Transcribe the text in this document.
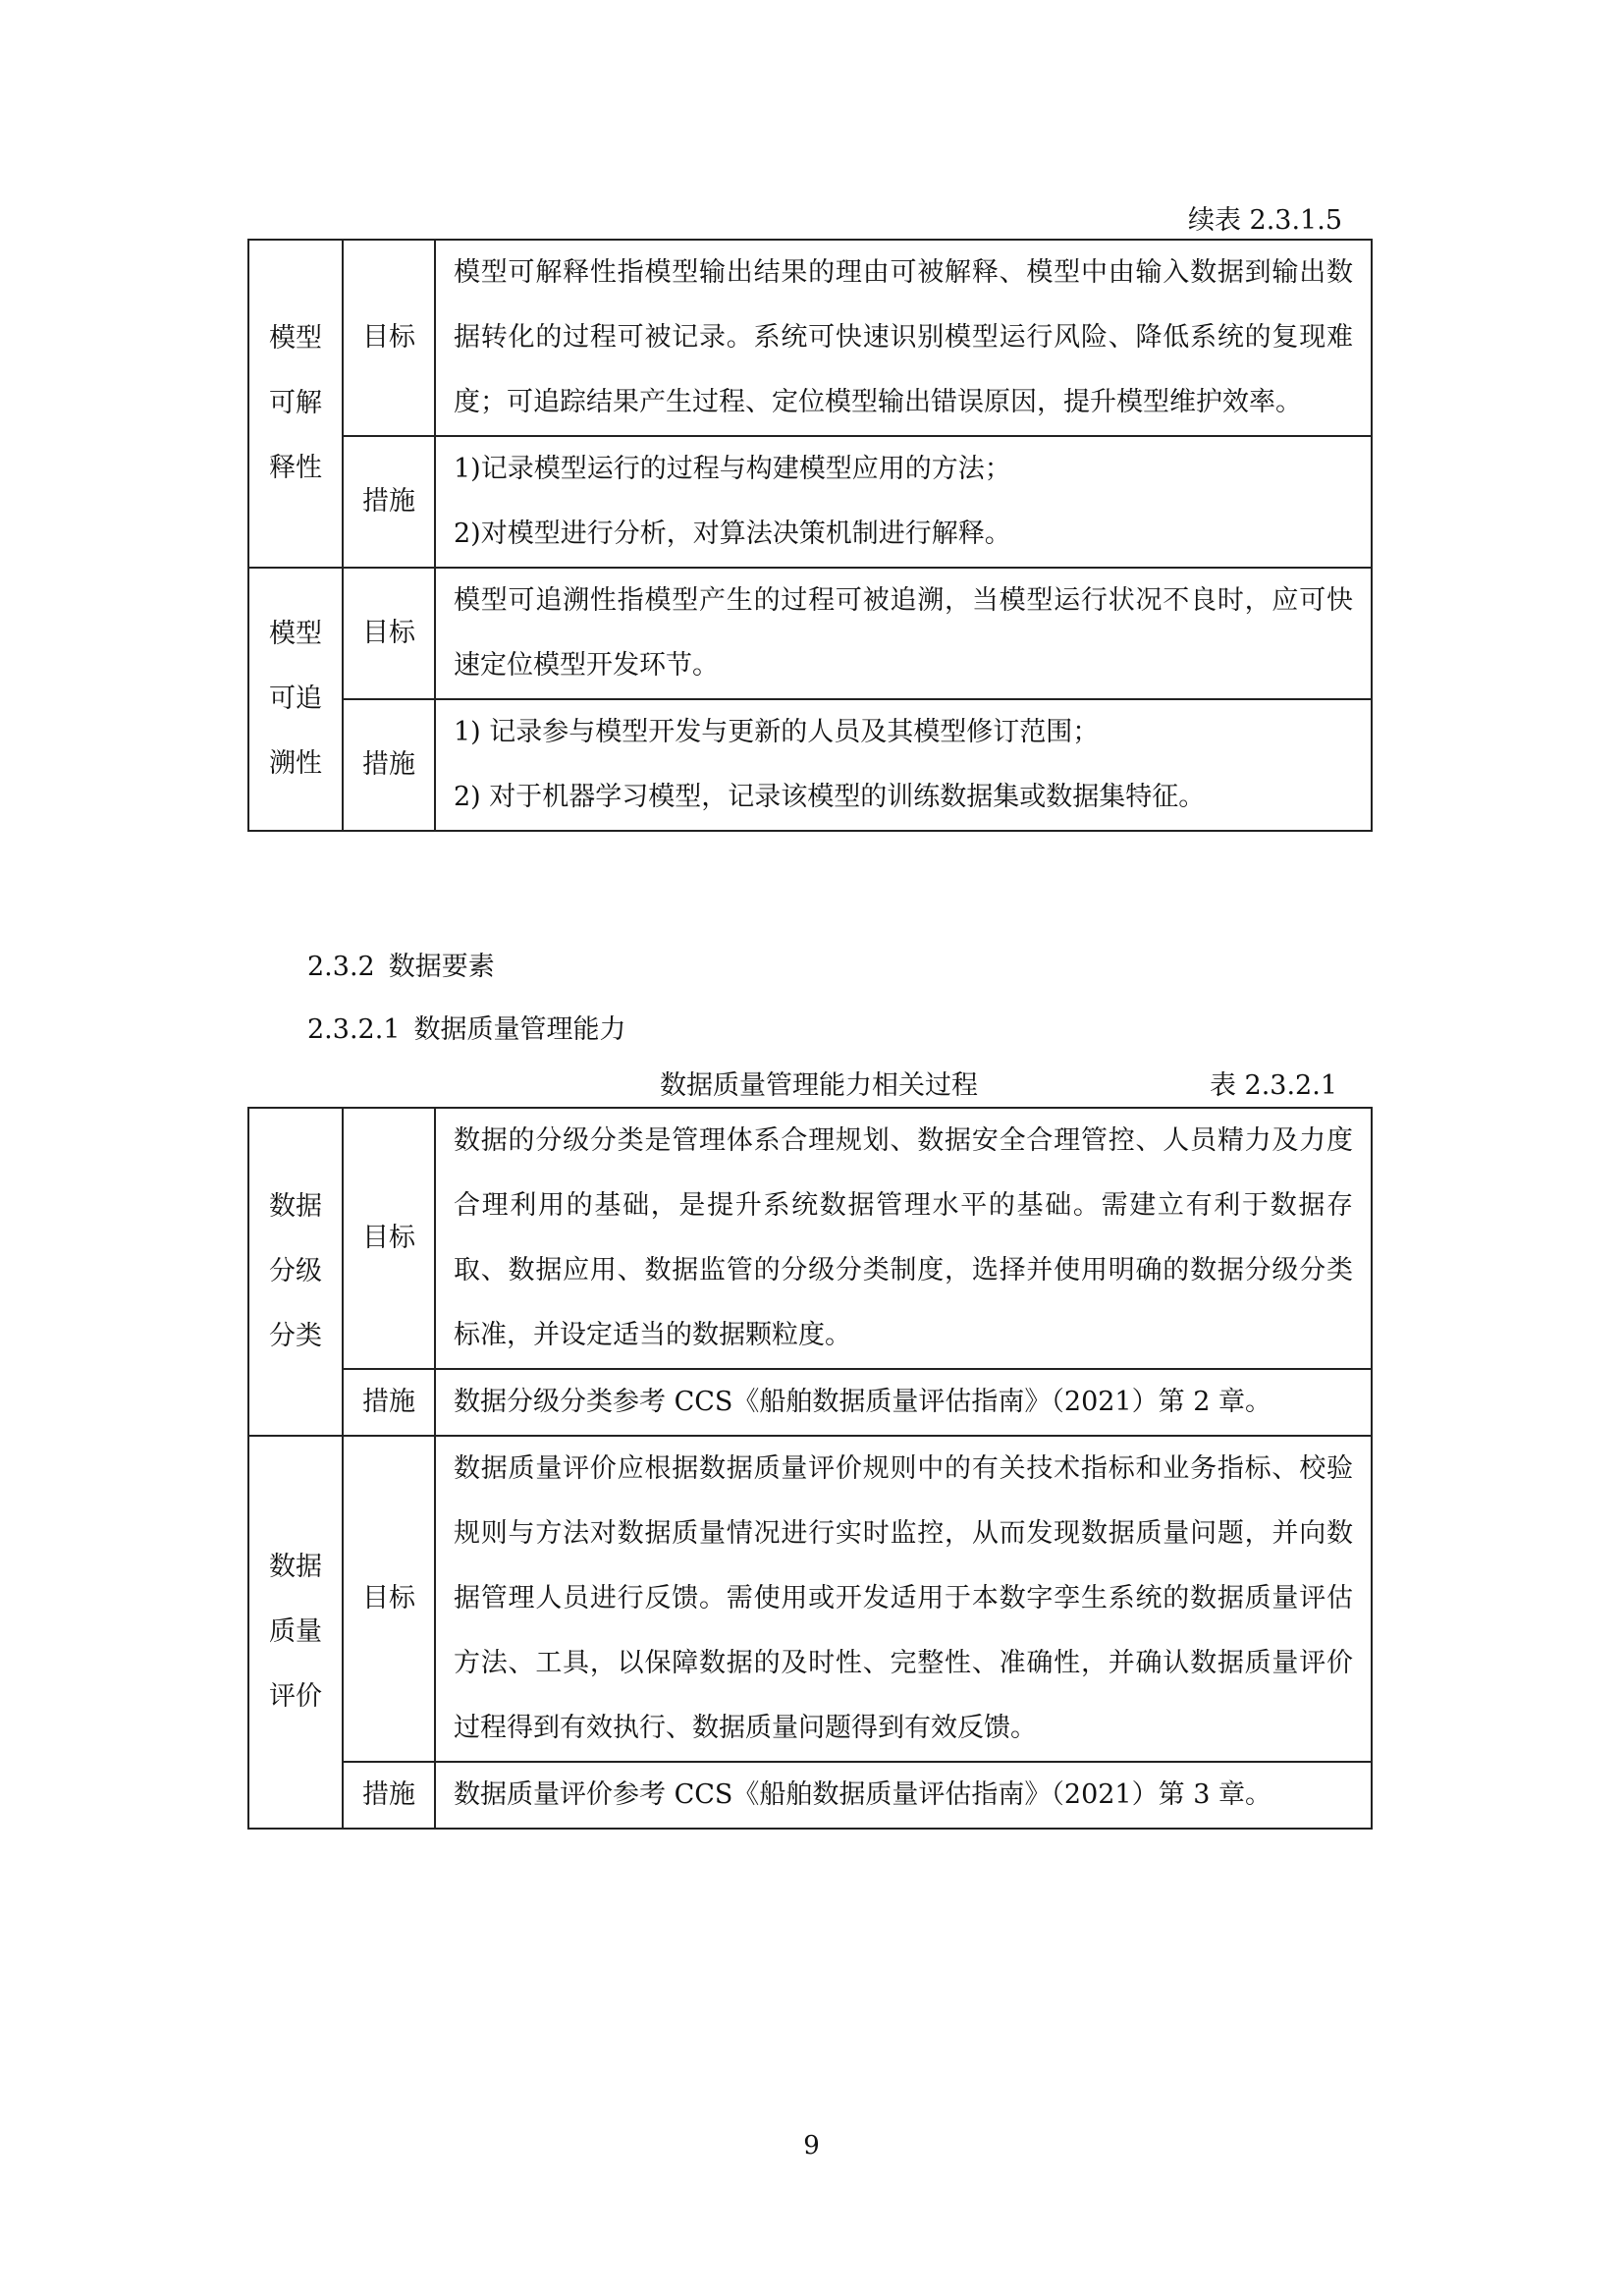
续表 2.3.1.5
模型
可解
释性	目标	模型可解释性指模型输出结果的理由可被解释、模型中由输入数据到输出数据转化的过程可被记录。系统可快速识别模型运行风险、降低系统的复现难度；可追踪结果产生过程、定位模型输出错误原因，提升模型维护效率。
	措施	1)记录模型运行的过程与构建模型应用的方法；
2)对模型进行分析，对算法决策机制进行解释。

模型
可追
溯性	目标	模型可追溯性指模型产生的过程可被追溯，当模型运行状况不良时，应可快速定位模型开发环节。
	措施	1) 记录参与模型开发与更新的人员及其模型修订范围；
2) 对于机器学习模型，记录该模型的训练数据集或数据集特征。
2.3.2 数据要素
2.3.2.1 数据质量管理能力
数据质量管理能力相关过程	表 2.3.2.1
数据
分级
分类	目标	数据的分级分类是管理体系合理规划、数据安全合理管控、人员精力及力度合理利用的基础，是提升系统数据管理水平的基础。需建立有利于数据存取、数据应用、数据监管的分级分类制度，选择并使用明确的数据分级分类标准，并设定适当的数据颗粒度。
	措施	数据分级分类参考 CCS《船舶数据质量评估指南》（2021）第 2 章。

数据
质量
评价	目标	数据质量评价应根据数据质量评价规则中的有关技术指标和业务指标、校验规则与方法对数据质量情况进行实时监控，从而发现数据质量问题，并向数据管理人员进行反馈。需使用或开发适用于本数字孪生系统的数据质量评估方法、工具，以保障数据的及时性、完整性、准确性，并确认数据质量评价过程得到有效执行、数据质量问题得到有效反馈。
	措施	数据质量评价参考 CCS《船舶数据质量评估指南》（2021）第 3 章。
9
